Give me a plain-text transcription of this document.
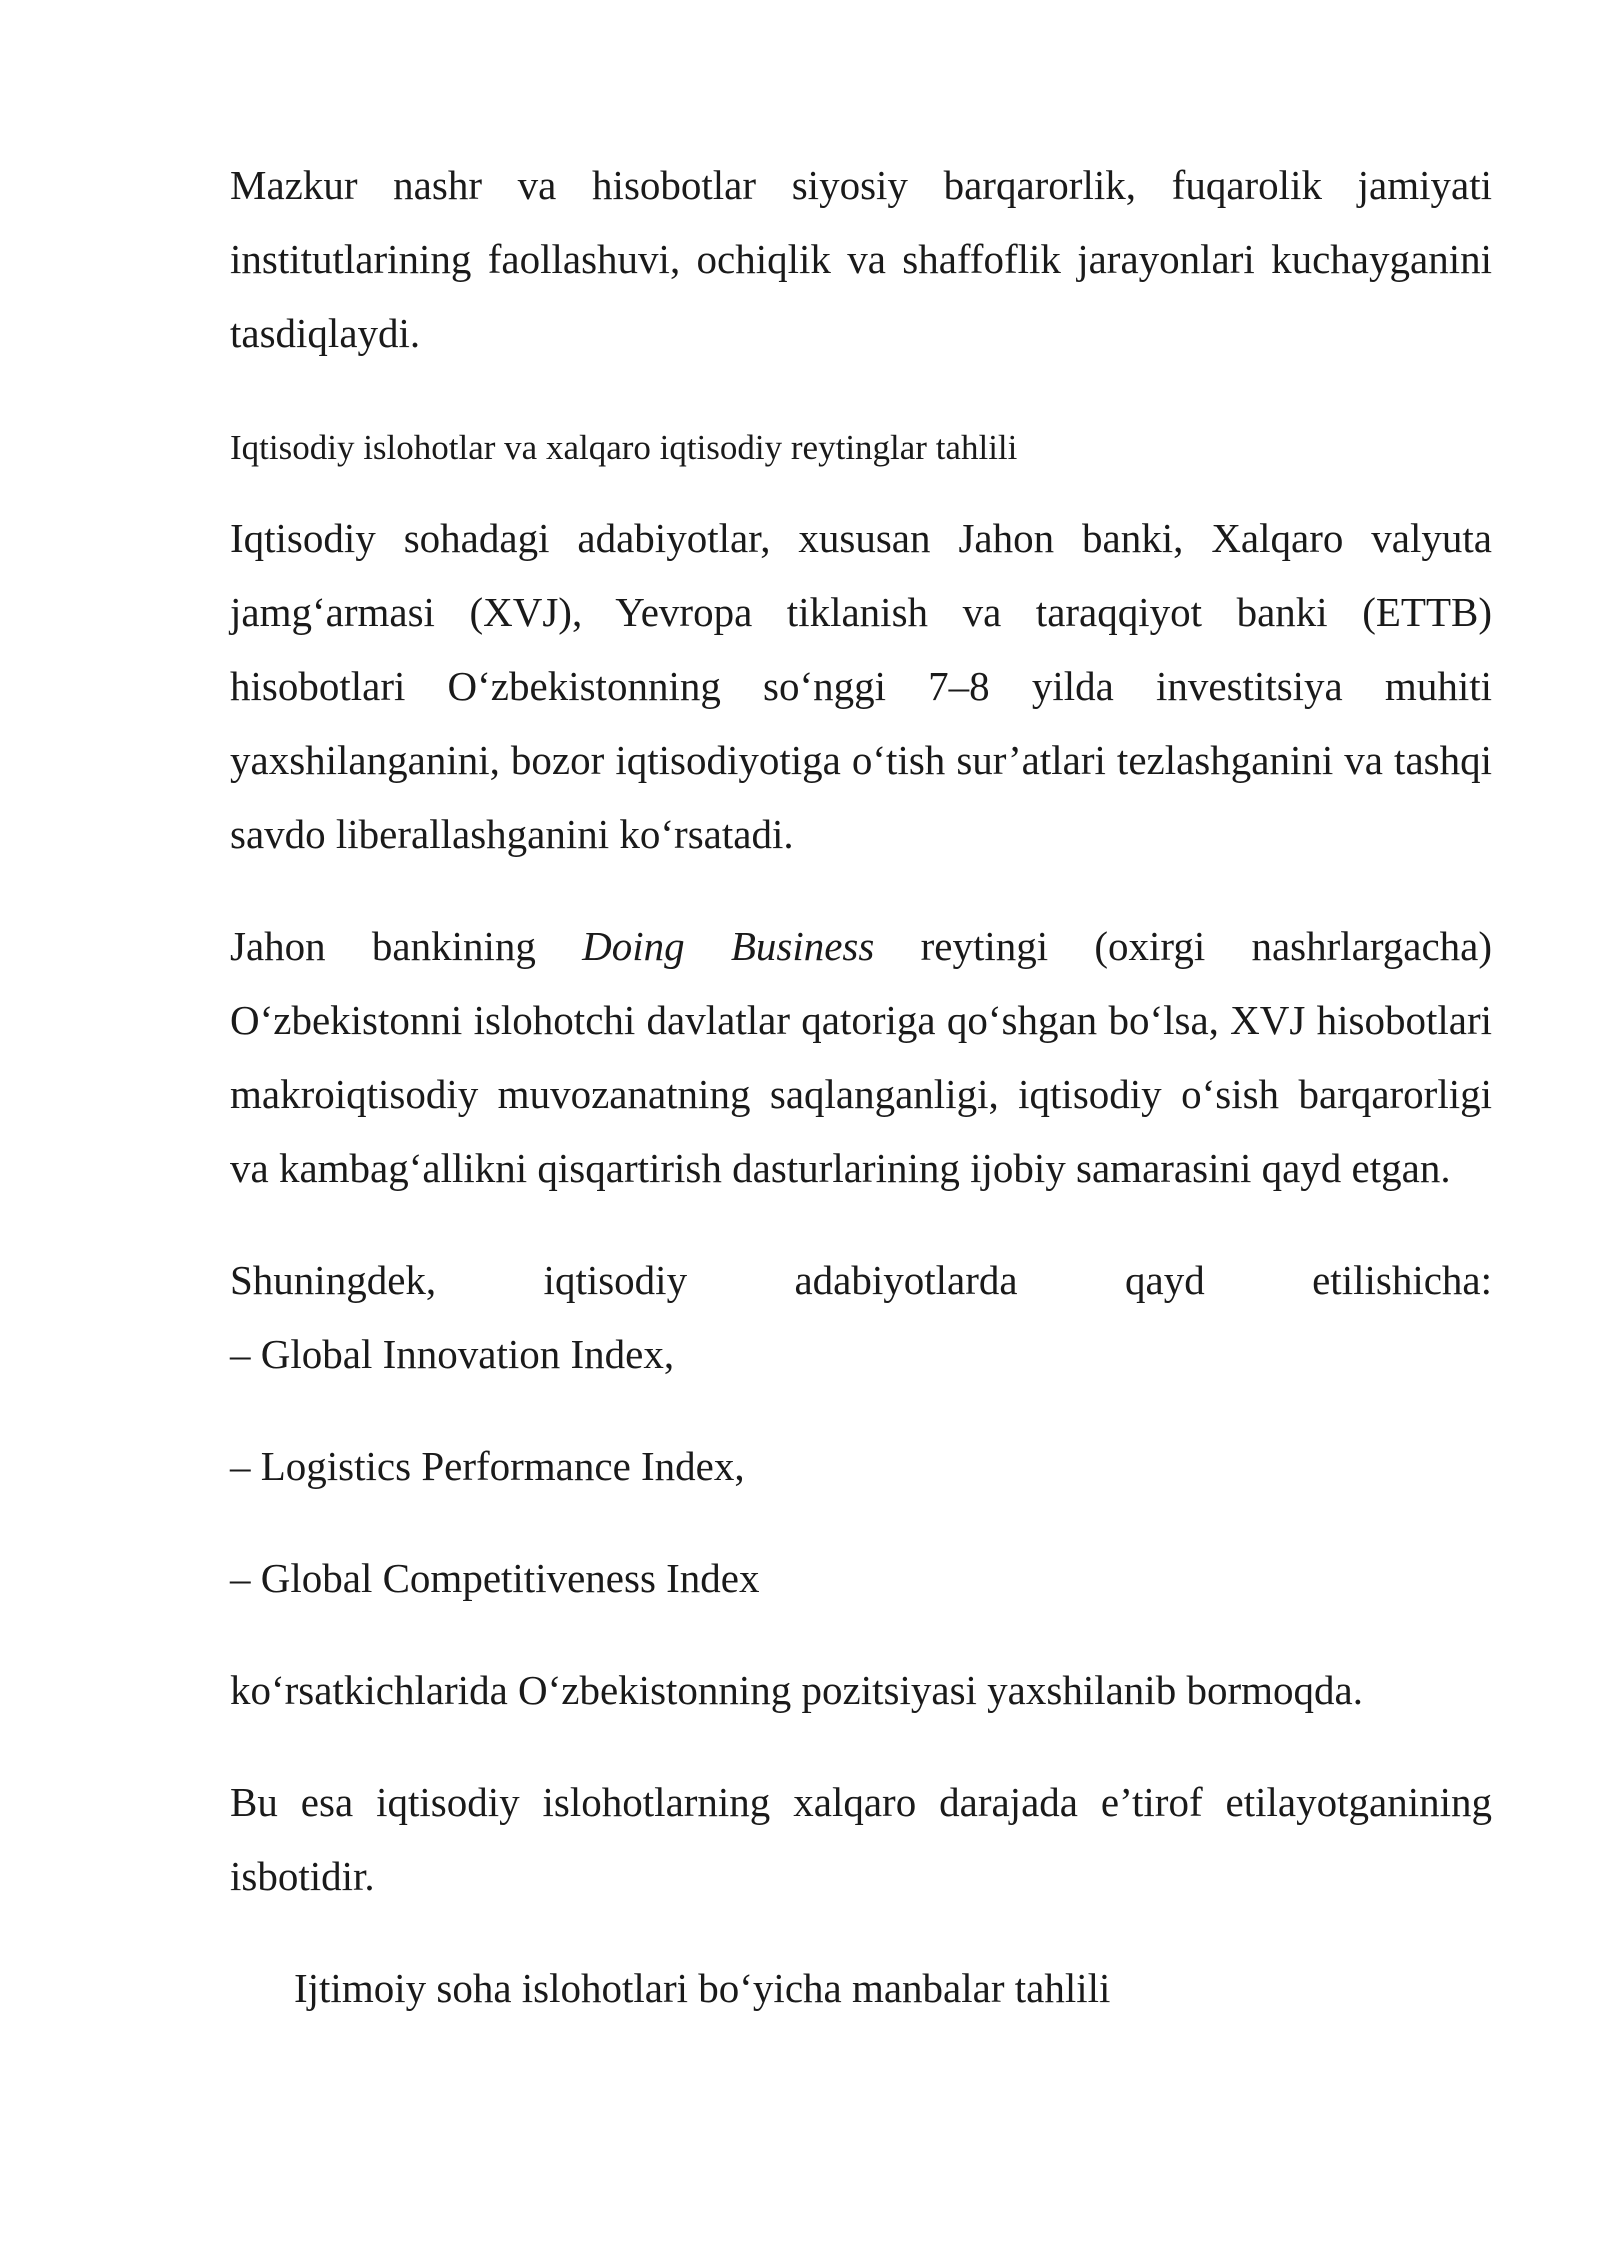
Mazkur nashr va hisobotlar siyosiy barqarorlik, fuqarolik jamiyati institutlarining faollashuvi, ochiqlik va shaffoflik jarayonlari kuchayganini tasdiqlaydi.

Iqtisodiy islohotlar va xalqaro iqtisodiy reytinglar tahlili

Iqtisodiy sohadagi adabiyotlar, xususan Jahon banki, Xalqaro valyuta jamg‘armasi (XVJ), Yevropa tiklanish va taraqqiyot banki (ETTB) hisobotlari O‘zbekistonning so‘nggi 7–8 yilda investitsiya muhiti yaxshilanganini, bozor iqtisodiyotiga o‘tish sur’atlari tezlashganini va tashqi savdo liberallashganini ko‘rsatadi.

Jahon bankining Doing Business reytingi (oxirgi nashrlargacha) O‘zbekistonni islohotchi davlatlar qatoriga qo‘shgan bo‘lsa, XVJ hisobotlari makroiqtisodiy muvozanatning saqlanganligi, iqtisodiy o‘sish barqarorligi va kambag‘allikni qisqartirish dasturlarining ijobiy samarasini qayd etgan.

Shuningdek, iqtisodiy adabiyotlarda qayd etilishicha:

– Global Innovation Index,

– Logistics Performance Index,

– Global Competitiveness Index

ko‘rsatkichlarida O‘zbekistonning pozitsiyasi yaxshilanib bormoqda.

Bu esa iqtisodiy islohotlarning xalqaro darajada e’tirof etilayotganining isbotidir.

Ijtimoiy soha islohotlari bo‘yicha manbalar tahlili
